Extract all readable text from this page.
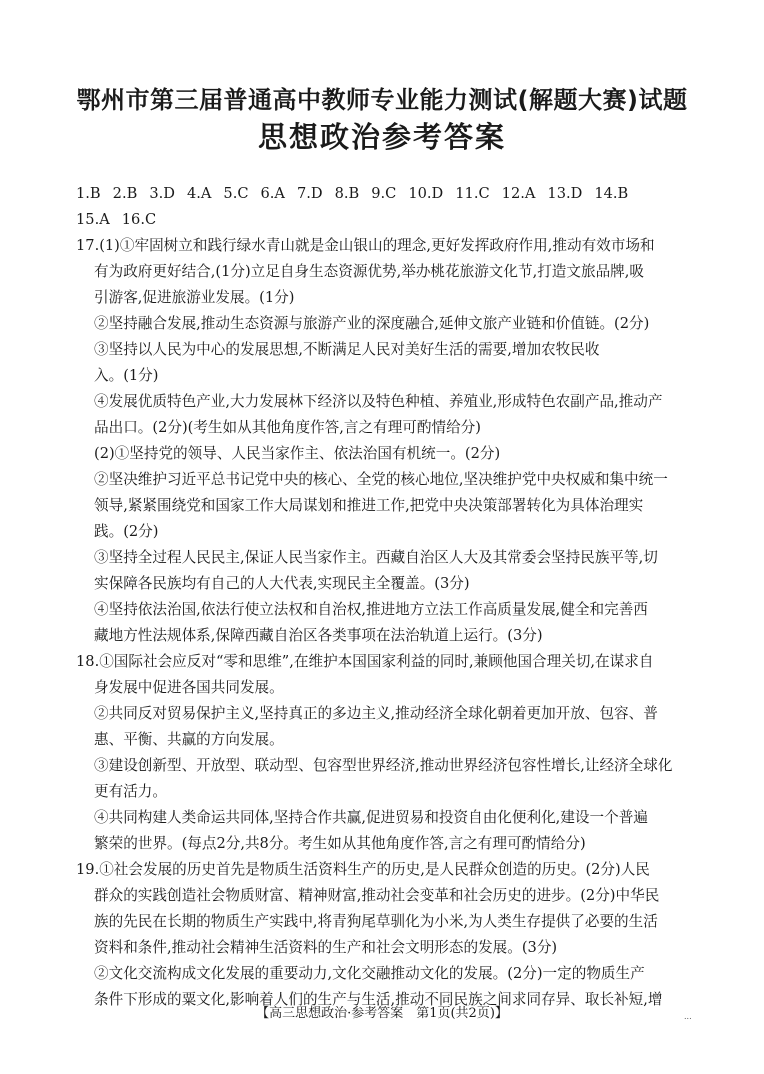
鄂州市第三届普通高中教师专业能力测试(解题大赛)试题
思想政治参考答案
1.B 2.B 3.D 4.A 5.C 6.A 7.D 8.B 9.C 10.D 11.C 12.A 13.D 14.B
15.A 16.C
17.(1)①牢固树立和践行绿水青山就是金山银山的理念,更好发挥政府作用,推动有效市场和
有为政府更好结合,(1分)立足自身生态资源优势,举办桃花旅游文化节,打造文旅品牌,吸
引游客,促进旅游业发展。(1分)
②坚持融合发展,推动生态资源与旅游产业的深度融合,延伸文旅产业链和价值链。(2分)
③坚持以人民为中心的发展思想,不断满足人民对美好生活的需要,增加农牧民收
入。(1分)
④发展优质特色产业,大力发展林下经济以及特色种植、养殖业,形成特色农副产品,推动产
品出口。(2分)(考生如从其他角度作答,言之有理可酌情给分)
(2)①坚持党的领导、人民当家作主、依法治国有机统一。(2分)
②坚决维护习近平总书记党中央的核心、全党的核心地位,坚决维护党中央权威和集中统一
领导,紧紧围绕党和国家工作大局谋划和推进工作,把党中央决策部署转化为具体治理实
践。(2分)
③坚持全过程人民民主,保证人民当家作主。西藏自治区人大及其常委会坚持民族平等,切
实保障各民族均有自己的人大代表,实现民主全覆盖。(3分)
④坚持依法治国,依法行使立法权和自治权,推进地方立法工作高质量发展,健全和完善西
藏地方性法规体系,保障西藏自治区各类事项在法治轨道上运行。(3分)
18.①国际社会应反对“零和思维”,在维护本国国家利益的同时,兼顾他国合理关切,在谋求自
身发展中促进各国共同发展。
②共同反对贸易保护主义,坚持真正的多边主义,推动经济全球化朝着更加开放、包容、普
惠、平衡、共赢的方向发展。
③建设创新型、开放型、联动型、包容型世界经济,推动世界经济包容性增长,让经济全球化
更有活力。
④共同构建人类命运共同体,坚持合作共赢,促进贸易和投资自由化便利化,建设一个普遍
繁荣的世界。(每点2分,共8分。考生如从其他角度作答,言之有理可酌情给分)
19.①社会发展的历史首先是物质生活资料生产的历史,是人民群众创造的历史。(2分)人民
群众的实践创造社会物质财富、精神财富,推动社会变革和社会历史的进步。(2分)中华民
族的先民在长期的物质生产实践中,将青狗尾草驯化为小米,为人类生存提供了必要的生活
资料和条件,推动社会精神生活资料的生产和社会文明形态的发展。(3分)
②文化交流构成文化发展的重要动力,文化交融推动文化的发展。(2分)一定的物质生产
条件下形成的粟文化,影响着人们的生产与生活,推动不同民族之间求同存异、取长补短,增
【高三思想政治·参考答案　第1页(共2页)】	...
